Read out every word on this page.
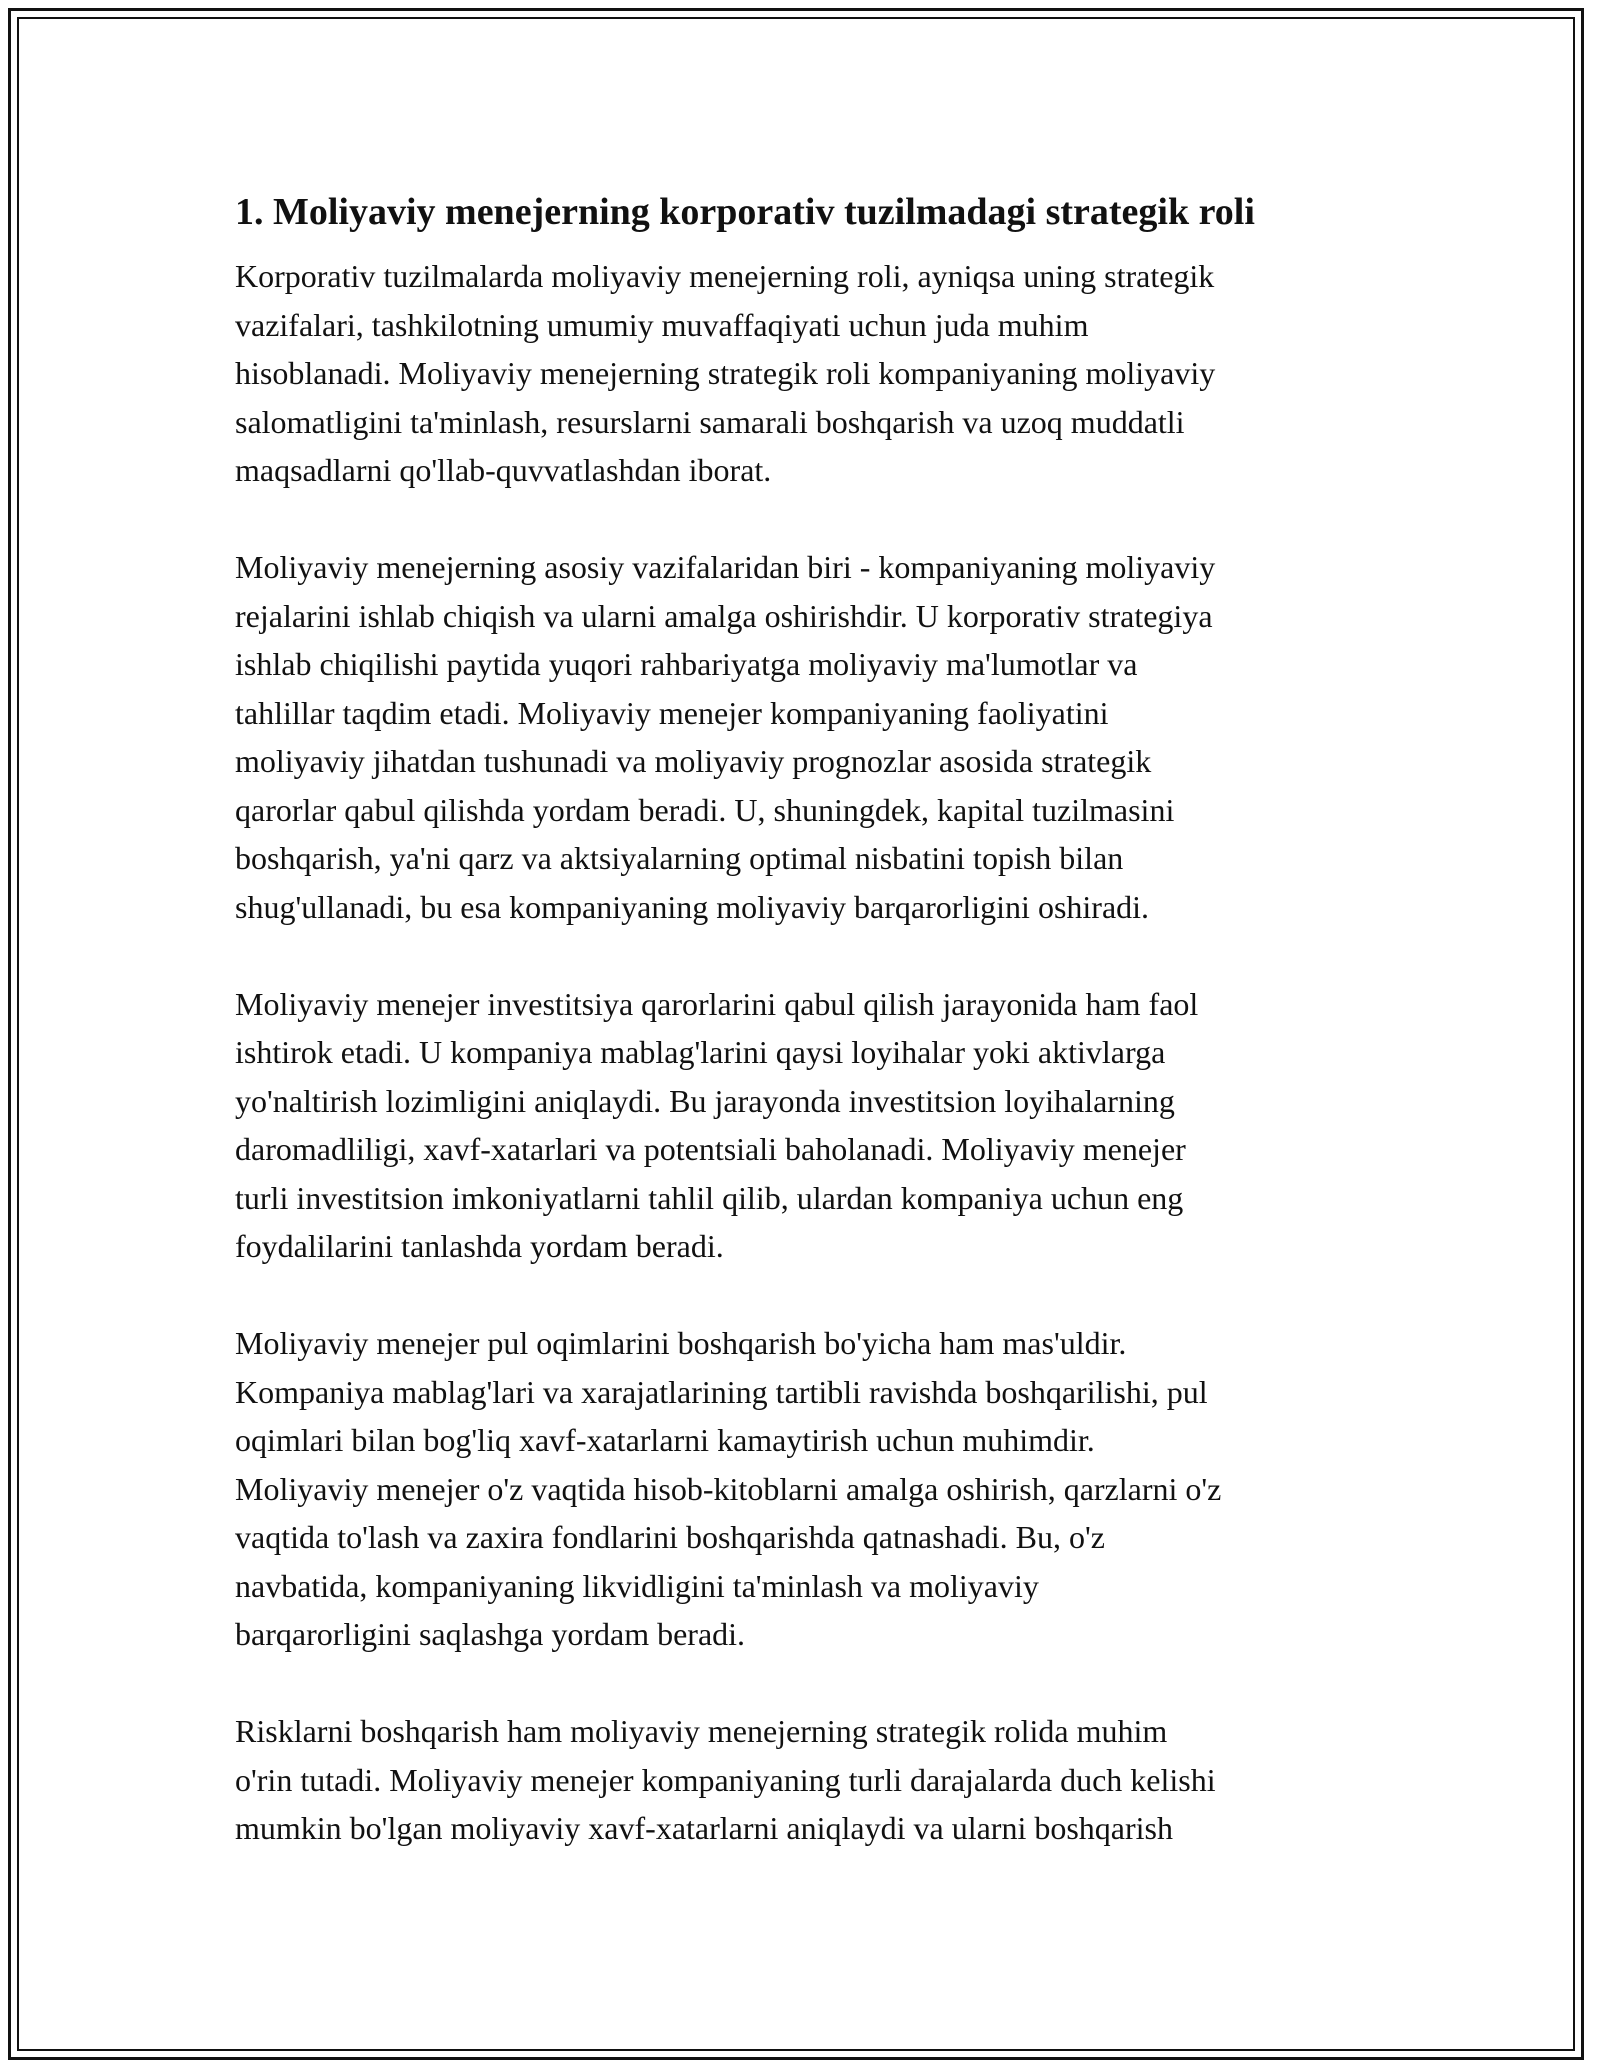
1. Moliyaviy menejerning korporativ tuzilmadagi strategik roli

Korporativ tuzilmalarda moliyaviy menejerning roli, ayniqsa uning strategik
vazifalari, tashkilotning umumiy muvaffaqiyati uchun juda muhim
hisoblanadi. Moliyaviy menejerning strategik roli kompaniyaning moliyaviy
salomatligini ta'minlash, resurslarni samarali boshqarish va uzoq muddatli
maqsadlarni qo'llab-quvvatlashdan iborat.

Moliyaviy menejerning asosiy vazifalaridan biri - kompaniyaning moliyaviy
rejalarini ishlab chiqish va ularni amalga oshirishdir. U korporativ strategiya
ishlab chiqilishi paytida yuqori rahbariyatga moliyaviy ma'lumotlar va
tahlillar taqdim etadi. Moliyaviy menejer kompaniyaning faoliyatini
moliyaviy jihatdan tushunadi va moliyaviy prognozlar asosida strategik
qarorlar qabul qilishda yordam beradi. U, shuningdek, kapital tuzilmasini
boshqarish, ya'ni qarz va aktsiyalarning optimal nisbatini topish bilan
shug'ullanadi, bu esa kompaniyaning moliyaviy barqarorligini oshiradi.

Moliyaviy menejer investitsiya qarorlarini qabul qilish jarayonida ham faol
ishtirok etadi. U kompaniya mablag'larini qaysi loyihalar yoki aktivlarga
yo'naltirish lozimligini aniqlaydi. Bu jarayonda investitsion loyihalarning
daromadliligi, xavf-xatarlari va potentsiali baholanadi. Moliyaviy menejer
turli investitsion imkoniyatlarni tahlil qilib, ulardan kompaniya uchun eng
foydalilarini tanlashda yordam beradi.

Moliyaviy menejer pul oqimlarini boshqarish bo'yicha ham mas'uldir.
Kompaniya mablag'lari va xarajatlarining tartibli ravishda boshqarilishi, pul
oqimlari bilan bog'liq xavf-xatarlarni kamaytirish uchun muhimdir.
Moliyaviy menejer o'z vaqtida hisob-kitoblarni amalga oshirish, qarzlarni o'z
vaqtida to'lash va zaxira fondlarini boshqarishda qatnashadi. Bu, o'z
navbatida, kompaniyaning likvidligini ta'minlash va moliyaviy
barqarorligini saqlashga yordam beradi.

Risklarni boshqarish ham moliyaviy menejerning strategik rolida muhim
o'rin tutadi. Moliyaviy menejer kompaniyaning turli darajalarda duch kelishi
mumkin bo'lgan moliyaviy xavf-xatarlarni aniqlaydi va ularni boshqarish
